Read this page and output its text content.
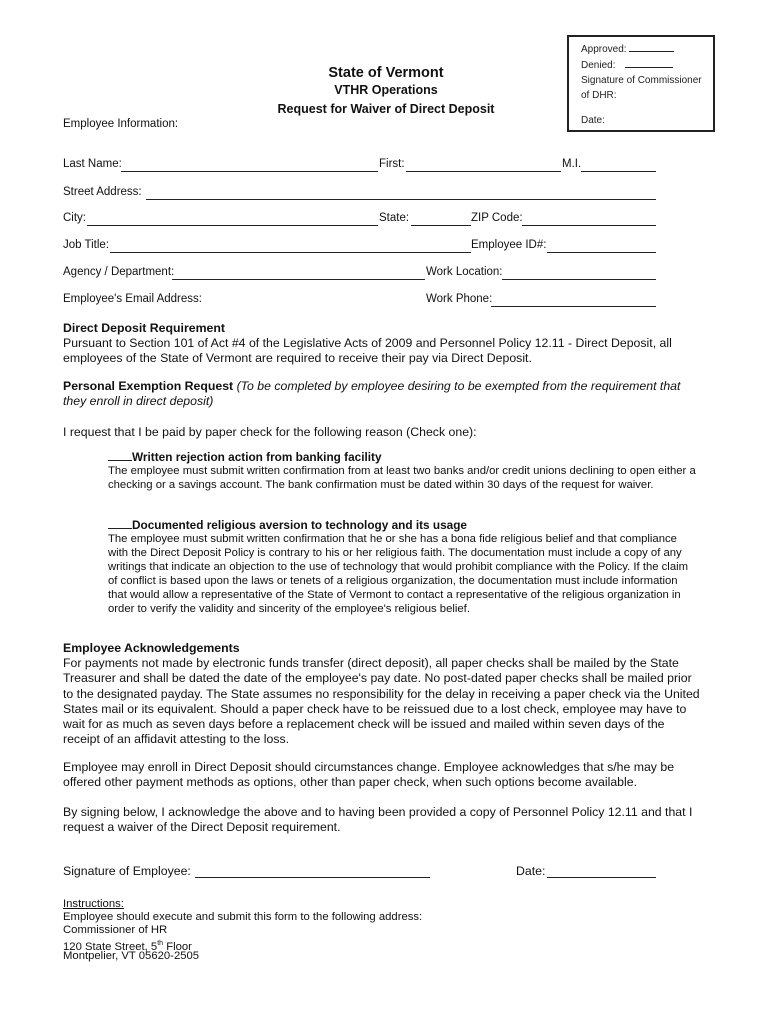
State of Vermont
VTHR Operations
Request for Waiver of Direct Deposit
Approved:
Denied:
Signature of Commissioner
of DHR:
Date:
Employee Information:
Last Name:	First:	M.I.
Street Address:
City:	State:	ZIP Code:
Job Title:	Employee ID#:
Agency / Department:	Work Location:
Employee's Email Address:	Work Phone:
Direct Deposit Requirement
Pursuant to Section 101 of Act #4 of the Legislative Acts of 2009 and Personnel Policy 12.11 - Direct Deposit, all employees of the State of Vermont are required to receive their pay via Direct Deposit.
Personal Exemption Request (To be completed by employee desiring to be exempted from the requirement that they enroll in direct deposit)
I request that I be paid by paper check for the following reason (Check one):
Written rejection action from banking facility
The employee must submit written confirmation from at least two banks and/or credit unions declining to open either a checking or a savings account. The bank confirmation must be dated within 30 days of the request for waiver.
Documented religious aversion to technology and its usage
The employee must submit written confirmation that he or she has a bona fide religious belief and that compliance with the Direct Deposit Policy is contrary to his or her religious faith. The documentation must include a copy of any writings that indicate an objection to the use of technology that would prohibit compliance with the Policy. If the claim of conflict is based upon the laws or tenets of a religious organization, the documentation must include information that would allow a representative of the State of Vermont to contact a representative of the religious organization in order to verify the validity and sincerity of the employee's religious belief.
Employee Acknowledgements
For payments not made by electronic funds transfer (direct deposit), all paper checks shall be mailed by the State Treasurer and shall be dated the date of the employee's pay date. No post-dated paper checks shall be mailed prior to the designated payday. The State assumes no responsibility for the delay in receiving a paper check via the United States mail or its equivalent. Should a paper check have to be reissued due to a lost check, employee may have to wait for as much as seven days before a replacement check will be issued and mailed within seven days of the receipt of an affidavit attesting to the loss.
Employee may enroll in Direct Deposit should circumstances change. Employee acknowledges that s/he may be offered other payment methods as options, other than paper check, when such options become available.
By signing below, I acknowledge the above and to having been provided a copy of Personnel Policy 12.11 and that I request a waiver of the Direct Deposit requirement.
Signature of Employee:	Date:
Instructions:
Employee should execute and submit this form to the following address:
Commissioner of HR
120 State Street, 5th Floor
Montpelier, VT 05620-2505
